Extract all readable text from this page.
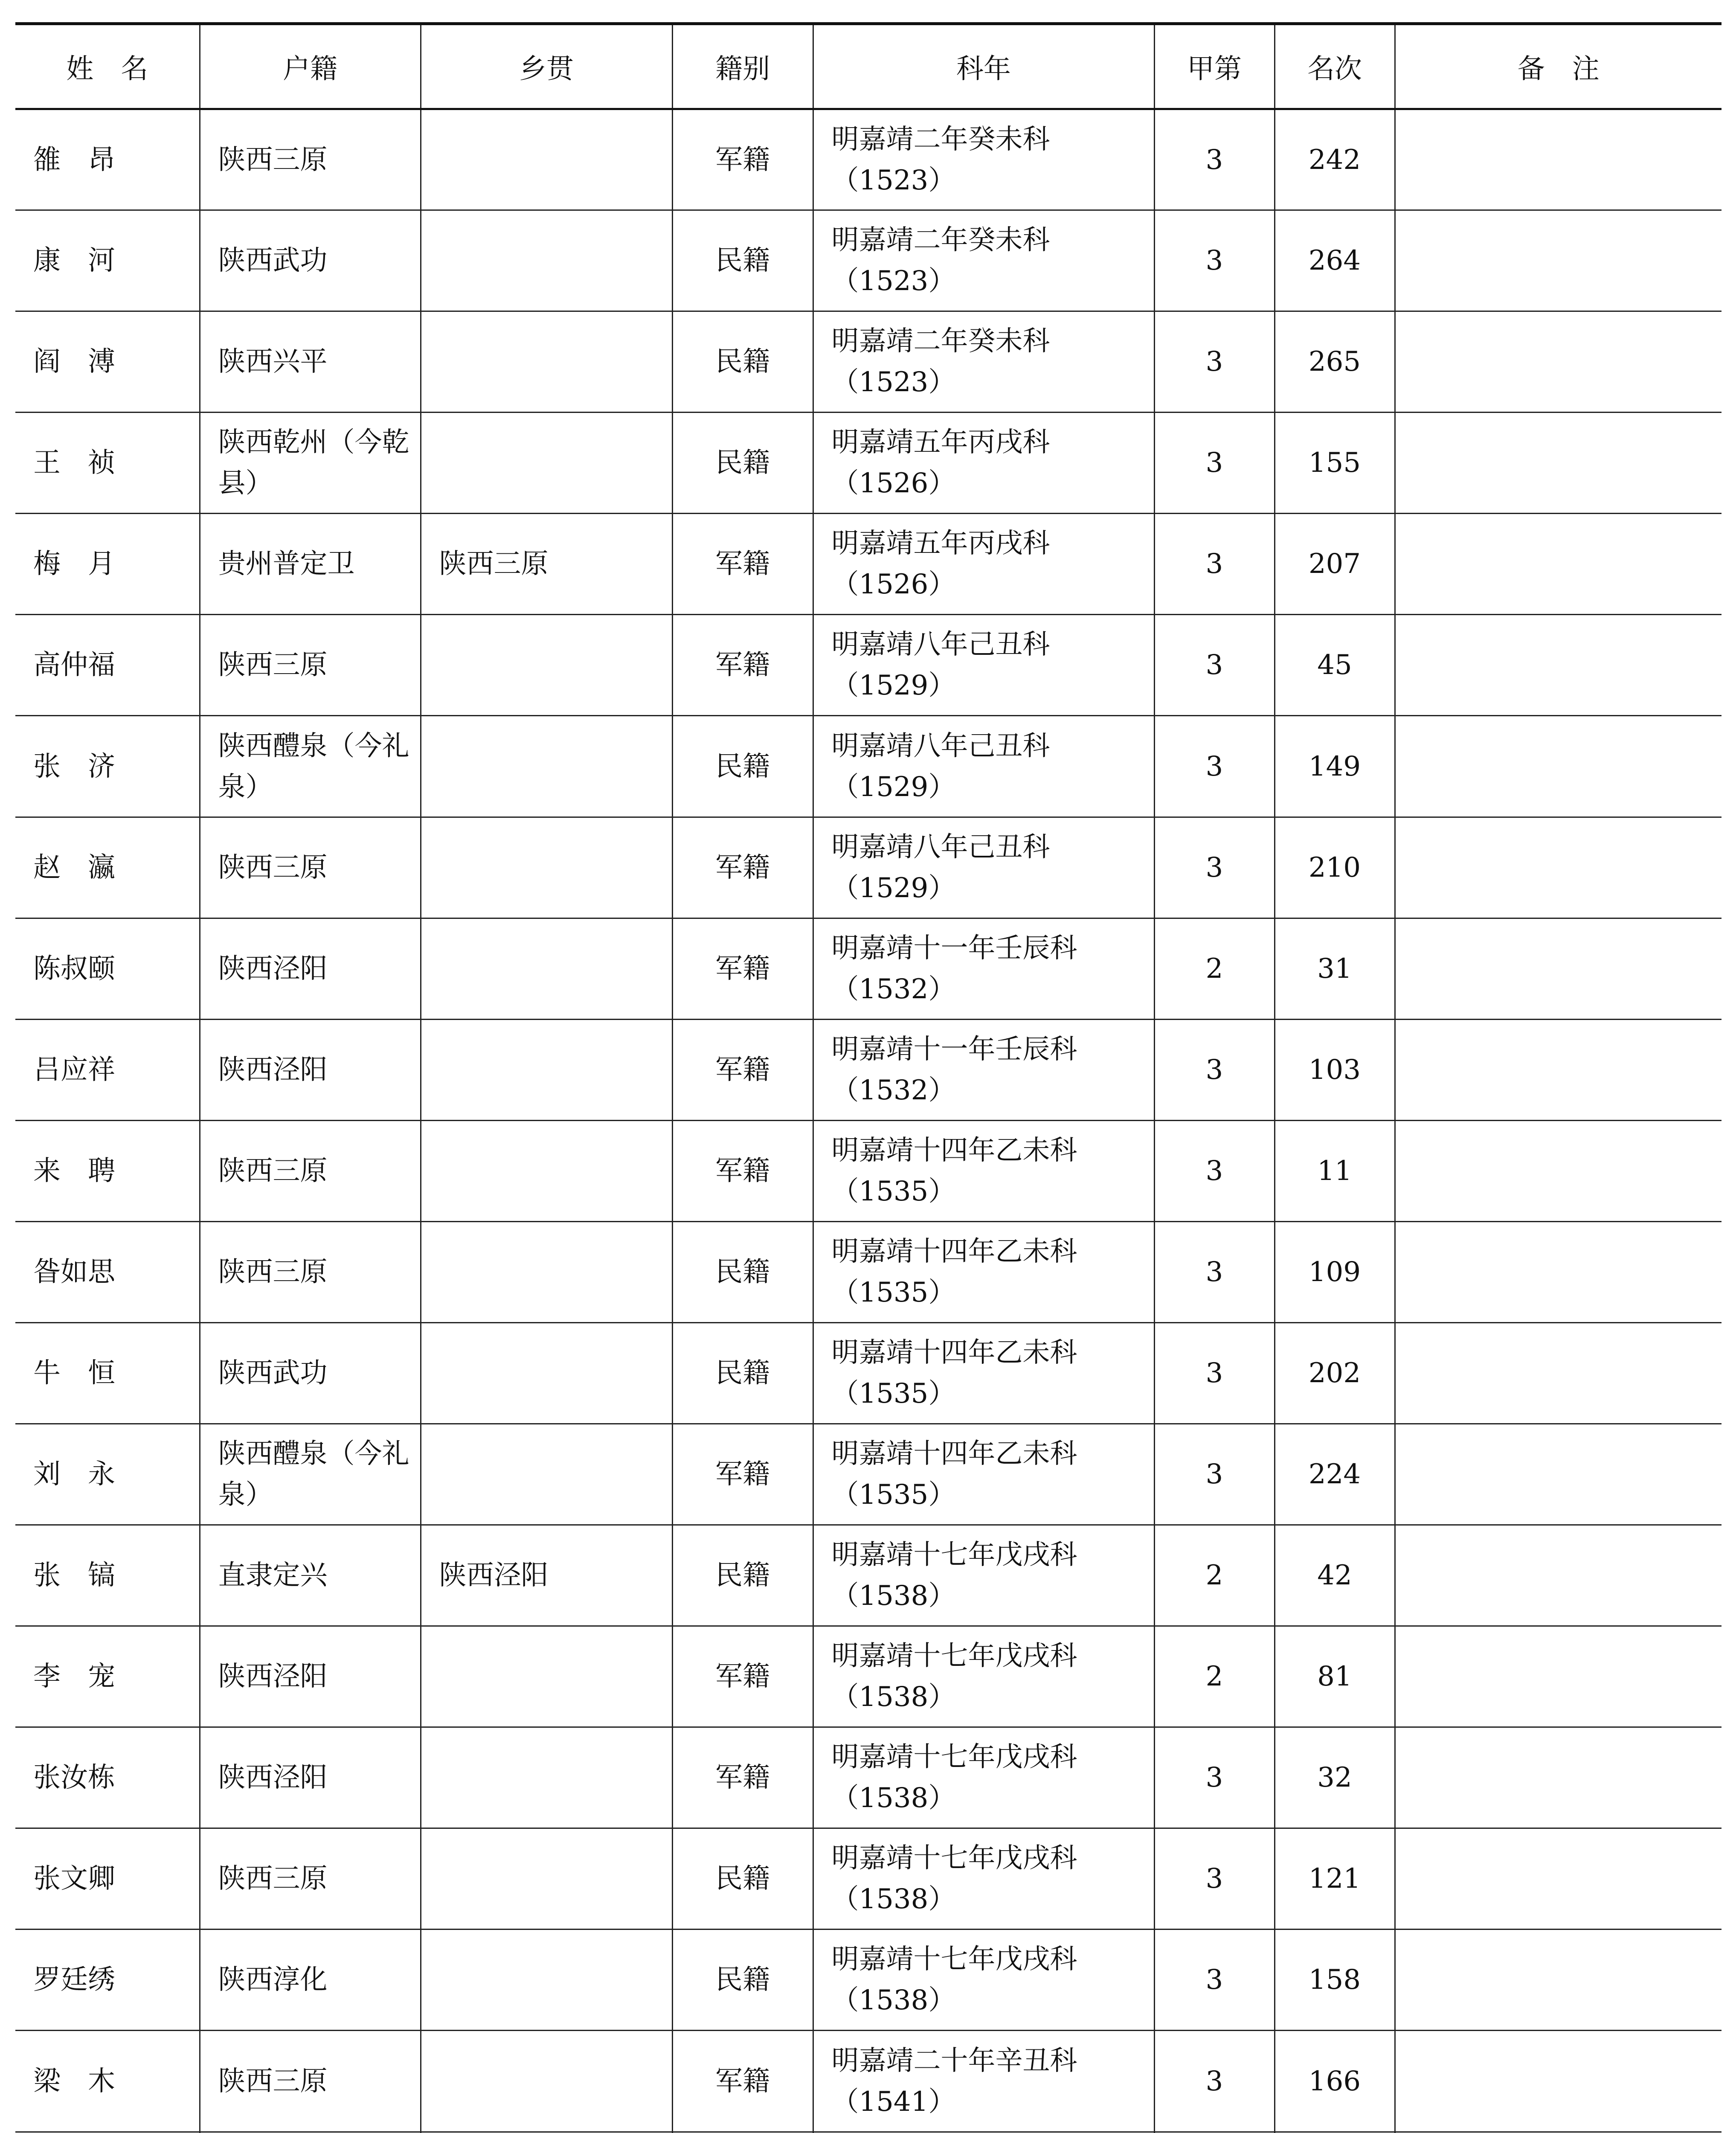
姓　名	户籍	乡贯	籍别	科年	甲第	名次	备　注
雒　昂	陕西三原		军籍	明嘉靖二年癸未科（1523）	3	242	
康　河	陕西武功		民籍	明嘉靖二年癸未科（1523）	3	264	
阎　溥	陕西兴平		民籍	明嘉靖二年癸未科（1523）	3	265	
王　祯	陕西乾州（今乾县）		民籍	明嘉靖五年丙戌科（1526）	3	155	
梅　月	贵州普定卫	陕西三原	军籍	明嘉靖五年丙戌科（1526）	3	207	
高仲福	陕西三原		军籍	明嘉靖八年己丑科（1529）	3	45	
张　济	陕西醴泉（今礼泉）		民籍	明嘉靖八年己丑科（1529）	3	149	
赵　瀛	陕西三原		军籍	明嘉靖八年己丑科（1529）	3	210	
陈叔颐	陕西泾阳		军籍	明嘉靖十一年壬辰科（1532）	2	31	
吕应祥	陕西泾阳		军籍	明嘉靖十一年壬辰科（1532）	3	103	
来　聘	陕西三原		军籍	明嘉靖十四年乙未科（1535）	3	11	
昝如思	陕西三原		民籍	明嘉靖十四年乙未科（1535）	3	109	
牛　恒	陕西武功		民籍	明嘉靖十四年乙未科（1535）	3	202	
刘　永	陕西醴泉（今礼泉）		军籍	明嘉靖十四年乙未科（1535）	3	224	
张　镐	直隶定兴	陕西泾阳	民籍	明嘉靖十七年戊戌科（1538）	2	42	
李　宠	陕西泾阳		军籍	明嘉靖十七年戊戌科（1538）	2	81	
张汝栋	陕西泾阳		军籍	明嘉靖十七年戊戌科（1538）	3	32	
张文卿	陕西三原		民籍	明嘉靖十七年戊戌科（1538）	3	121	
罗廷绣	陕西淳化		民籍	明嘉靖十七年戊戌科（1538）	3	158	
梁　木	陕西三原		军籍	明嘉靖二十年辛丑科（1541）	3	166	
